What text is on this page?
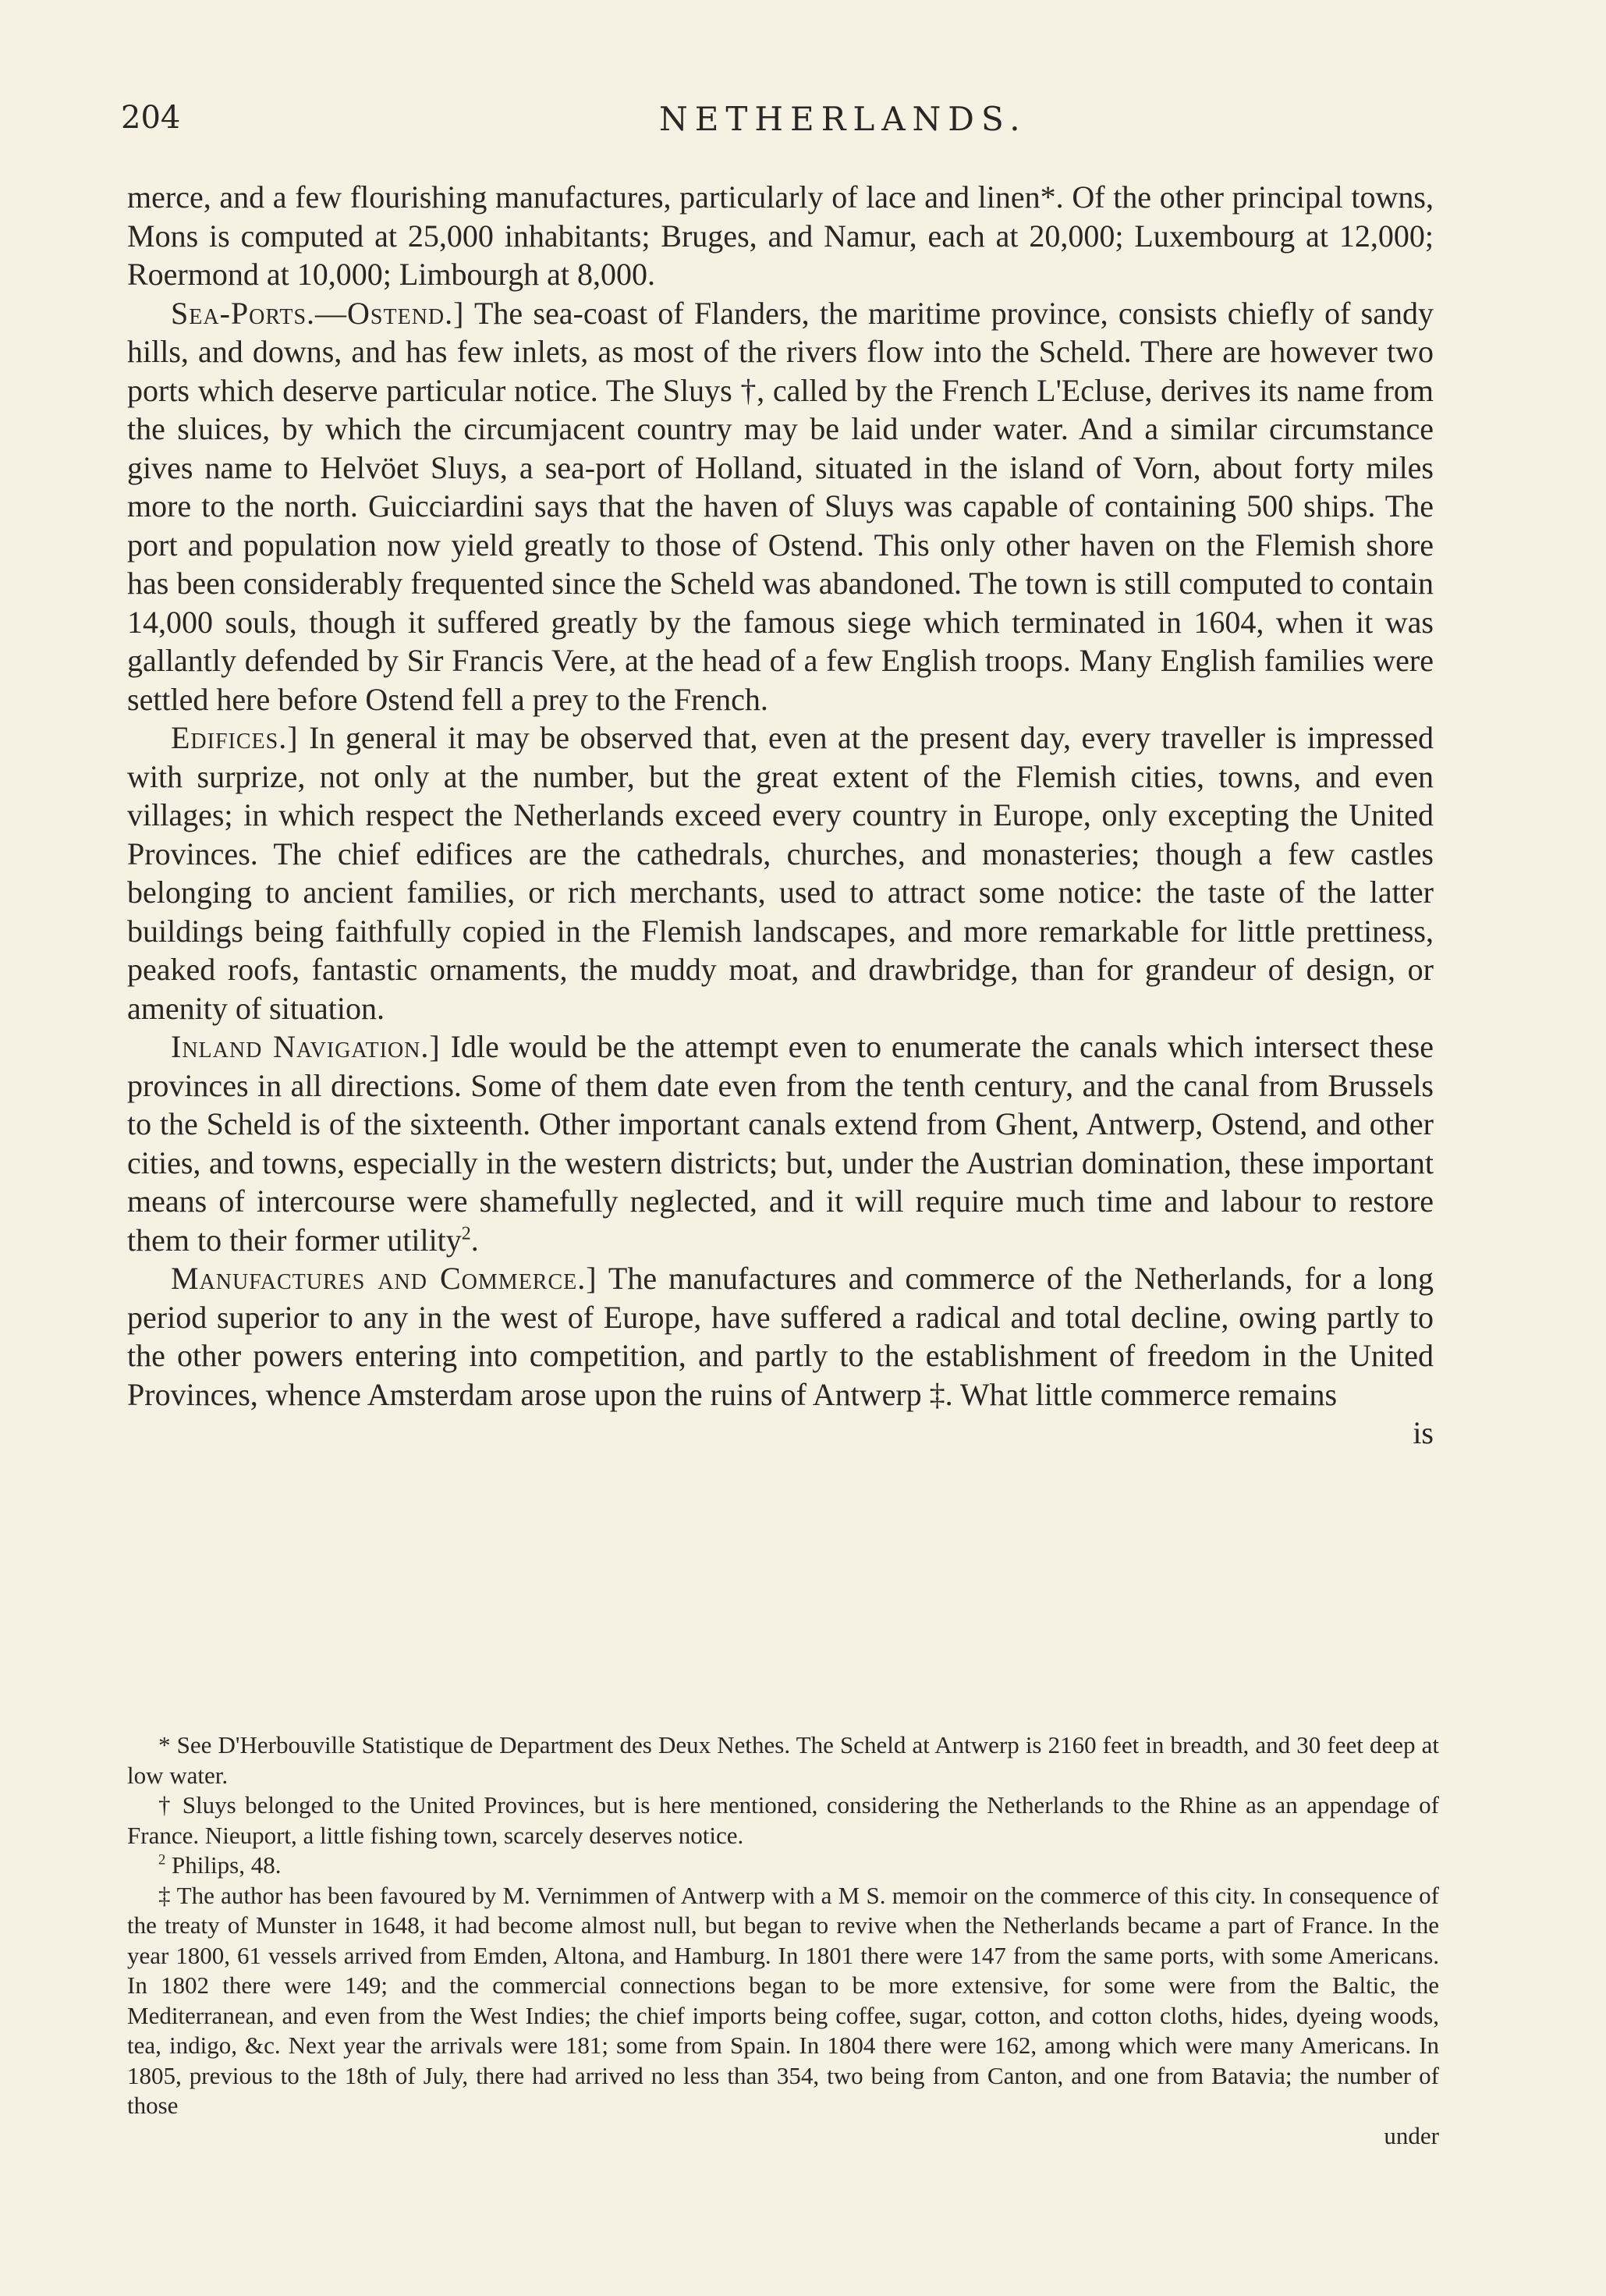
204	NETHERLANDS.

merce, and a few flourishing manufactures, particularly of lace and linen*. Of the other principal towns, Mons is computed at 25,000 inhabitants; Bruges, and Namur, each at 20,000; Luxembourg at 12,000; Roermond at 10,000; Limbourgh at 8,000.

Sea-Ports.—Ostend.] The sea-coast of Flanders, the maritime province, consists chiefly of sandy hills, and downs, and has few inlets, as most of the rivers flow into the Scheld. There are however two ports which deserve particular notice. The Sluys †, called by the French L'Ecluse, derives its name from the sluices, by which the circumjacent country may be laid under water. And a similar circumstance gives name to Helvöet Sluys, a sea-port of Holland, situated in the island of Vorn, about forty miles more to the north. Guicciardini says that the haven of Sluys was capable of containing 500 ships. The port and population now yield greatly to those of Ostend. This only other haven on the Flemish shore has been considerably frequented since the Scheld was abandoned. The town is still computed to contain 14,000 souls, though it suffered greatly by the famous siege which terminated in 1604, when it was gallantly defended by Sir Francis Vere, at the head of a few English troops. Many English families were settled here before Ostend fell a prey to the French.

Edifices.] In general it may be observed that, even at the present day, every traveller is impressed with surprize, not only at the number, but the great extent of the Flemish cities, towns, and even villages; in which respect the Netherlands exceed every country in Europe, only excepting the United Provinces. The chief edifices are the cathedrals, churches, and monasteries; though a few castles belonging to ancient families, or rich merchants, used to attract some notice: the taste of the latter buildings being faithfully copied in the Flemish landscapes, and more remarkable for little prettiness, peaked roofs, fantastic ornaments, the muddy moat, and drawbridge, than for grandeur of design, or amenity of situation.

Inland Navigation.] Idle would be the attempt even to enumerate the canals which intersect these provinces in all directions. Some of them date even from the tenth century, and the canal from Brussels to the Scheld is of the sixteenth. Other important canals extend from Ghent, Antwerp, Ostend, and other cities, and towns, especially in the western districts; but, under the Austrian domination, these important means of intercourse were shamefully neglected, and it will require much time and labour to restore them to their former utility$^2$.

Manufactures and Commerce.] The manufactures and commerce of the Netherlands, for a long period superior to any in the west of Europe, have suffered a radical and total decline, owing partly to the other powers entering into competition, and partly to the establishment of freedom in the United Provinces, whence Amsterdam arose upon the ruins of Antwerp ‡. What little commerce remains

is

* See D'Herbouville Statistique de Department des Deux Nethes. The Scheld at Antwerp is 2160 feet in breadth, and 30 feet deep at low water.

† Sluys belonged to the United Provinces, but is here mentioned, considering the Netherlands to the Rhine as an appendage of France. Nieuport, a little fishing town, scarcely deserves notice.

$^2$ Philips, 48.

‡ The author has been favoured by M. Vernimmen of Antwerp with a M S. memoir on the commerce of this city. In consequence of the treaty of Munster in 1648, it had become almost null, but began to revive when the Netherlands became a part of France. In the year 1800, 61 vessels arrived from Emden, Altona, and Hamburg. In 1801 there were 147 from the same ports, with some Americans. In 1802 there were 149; and the commercial connections began to be more extensive, for some were from the Baltic, the Mediterranean, and even from the West Indies; the chief imports being coffee, sugar, cotton, and cotton cloths, hides, dyeing woods, tea, indigo, &c. Next year the arrivals were 181; some from Spain. In 1804 there were 162, among which were many Americans. In 1805, previous to the 18th of July, there had arrived no less than 354, two being from Canton, and one from Batavia; the number of those

under
